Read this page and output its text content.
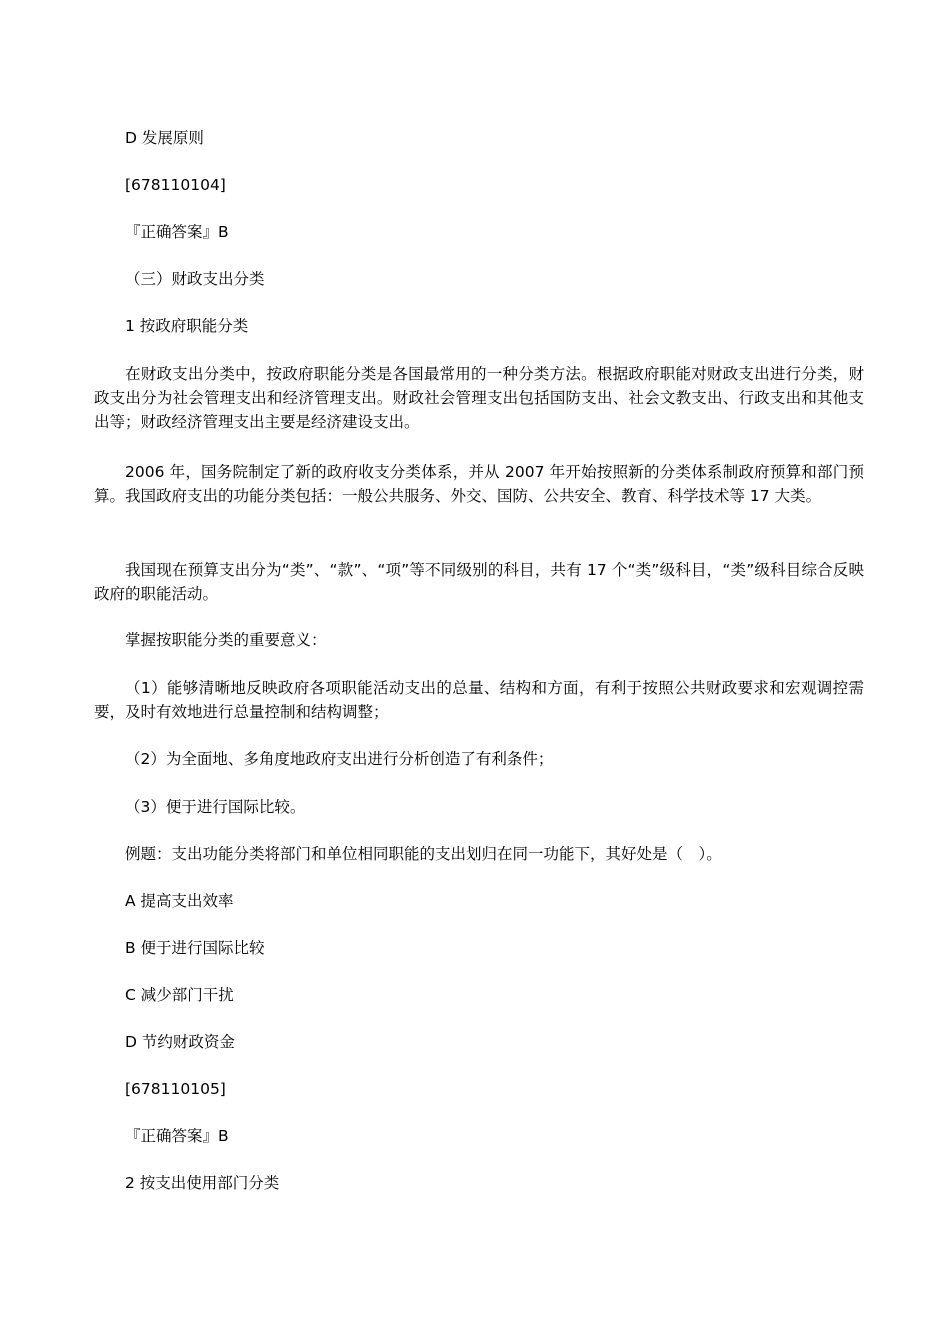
D 发展原则
[678110104]
『正确答案』B
（三）财政支出分类
1 按政府职能分类
在财政支出分类中，按政府职能分类是各国最常用的一种分类方法。根据政府职能对财政支出进行分类，财政支出分为社会管理支出和经济管理支出。财政社会管理支出包括国防支出、社会文教支出、行政支出和其他支出等；财政经济管理支出主要是经济建设支出。
2006 年，国务院制定了新的政府收支分类体系，并从 2007 年开始按照新的分类体系制政府预算和部门预算。我国政府支出的功能分类包括：一般公共服务、外交、国防、公共安全、教育、科学技术等 17 大类。
我国现在预算支出分为“类”、“款”、“项”等不同级别的科目，共有 17 个“类”级科目，“类”级科目综合反映政府的职能活动。
掌握按职能分类的重要意义：
（1）能够清晰地反映政府各项职能活动支出的总量、结构和方面，有利于按照公共财政要求和宏观调控需要，及时有效地进行总量控制和结构调整；
（2）为全面地、多角度地政府支出进行分析创造了有利条件；
（3）便于进行国际比较。
例题：支出功能分类将部门和单位相同职能的支出划归在同一功能下，其好处是（　）。
A 提高支出效率
B 便于进行国际比较
C 减少部门干扰
D 节约财政资金
[678110105]
『正确答案』B
2 按支出使用部门分类
